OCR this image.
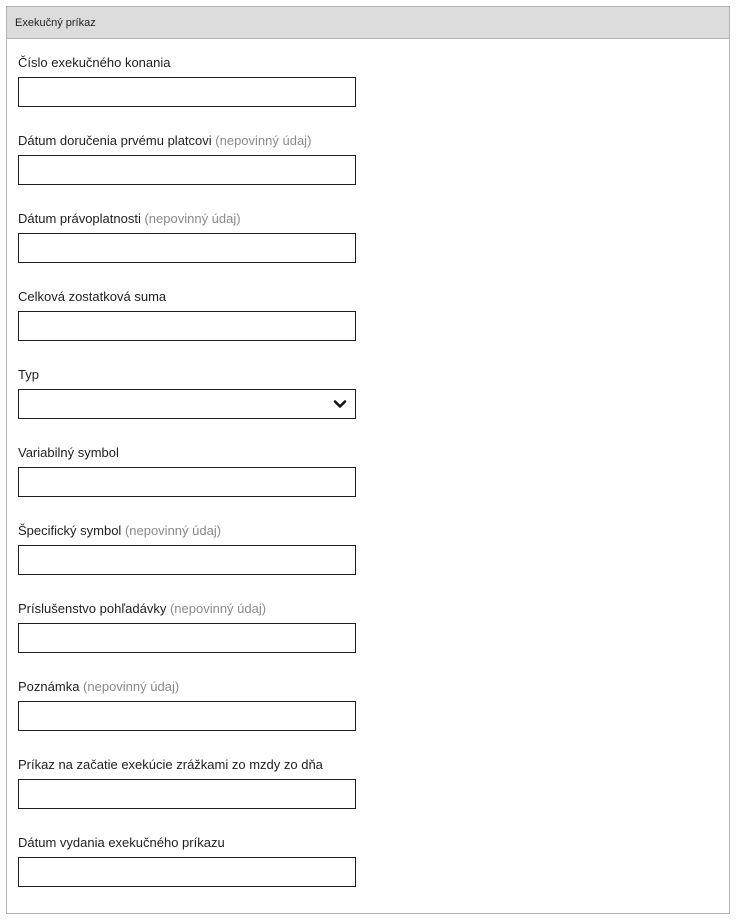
Exekučný príkaz
Číslo exekučného konania
Dátum doručenia prvému platcovi (nepovinný údaj)
Dátum právoplatnosti (nepovinný údaj)
Celková zostatková suma
Typ
Variabilný symbol
Špecifický symbol (nepovinný údaj)
Príslušenstvo pohľadávky (nepovinný údaj)
Poznámka (nepovinný údaj)
Príkaz na začatie exekúcie zrážkami zo mzdy zo dňa
Dátum vydania exekučného príkazu
